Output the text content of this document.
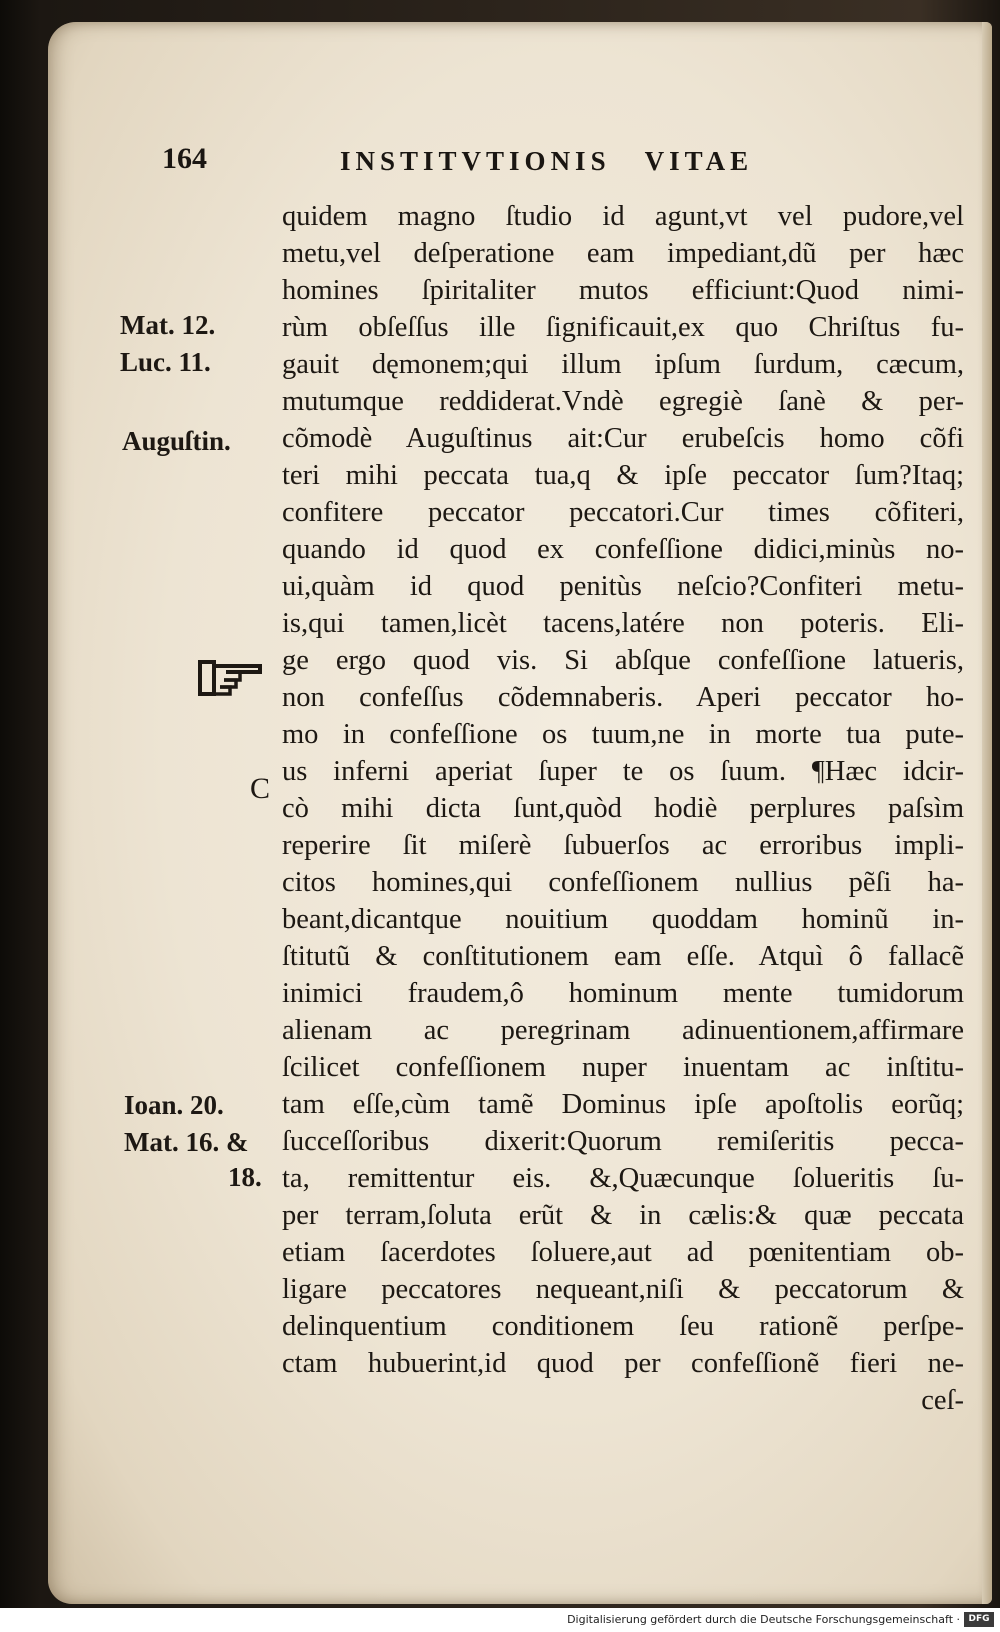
164	INSTITVTIONIS VITAE
Mat. 12.
Luc. 11.
Auguſtin.
C
Ioan. 20.
Mat. 16. &
18.
quidem magno ſtudio id agunt,vt vel pudore,vel
metu,vel deſperatione eam impediant,dũ per hæc
homines ſpiritaliter mutos efficiunt:Quod nimi-
rùm obſeſſus ille ſignificauit,ex quo Chriſtus fu-
gauit dęmonem;qui illum ipſum ſurdum, cæcum,
mutumque reddiderat.Vndè egregiè ſanè & per-
cõmodè Auguſtinus ait:Cur erubeſcis homo cõfi
teri mihi peccata tua,q & ipſe peccator ſum?Itaq;
confitere peccator peccatori.Cur times cõfiteri,
quando id quod ex confeſſione didici,minùs no-
ui,quàm id quod penitùs neſcio?Confiteri metu-
is,qui tamen,licèt tacens,latére non poteris. Eli-
ge ergo quod vis. Si abſque confeſſione latueris,
non confeſſus cõdemnaberis. Aperi peccator ho-
mo in confeſſione os tuum,ne in morte tua pute-
us inferni aperiat ſuper te os ſuum. ¶Hæc idcir-
cò mihi dicta ſunt,quòd hodiè perplures paſsìm
reperire ſit miſerè ſubuerſos ac erroribus impli-
citos homines,qui confeſſionem nullius pẽſi ha-
beant,dicantque nouitium quoddam hominũ in-
ſtitutũ & conſtitutionem eam eſſe. Atquì ô fallacẽ
inimici fraudem,ô hominum mente tumidorum
alienam ac peregrinam adinuentionem,affirmare
ſcilicet confeſſionem nuper inuentam ac inſtitu-
tam eſſe,cùm tamẽ Dominus ipſe apoſtolis eorũq;
ſucceſſoribus dixerit:Quorum remiſeritis pecca-
ta, remittentur eis. &,Quæcunque ſolueritis ſu-
per terram,ſoluta erũt & in cælis:& quæ peccata
etiam ſacerdotes ſoluere,aut ad pœnitentiam ob-
ligare peccatores nequeant,niſi & peccatorum &
delinquentium conditionem ſeu rationẽ perſpe-
ctam hubuerint,id quod per confeſſionẽ fieri ne-
ceſ-
Digitalisierung gefördert durch die Deutsche Forschungsgemeinschaft · DFG
